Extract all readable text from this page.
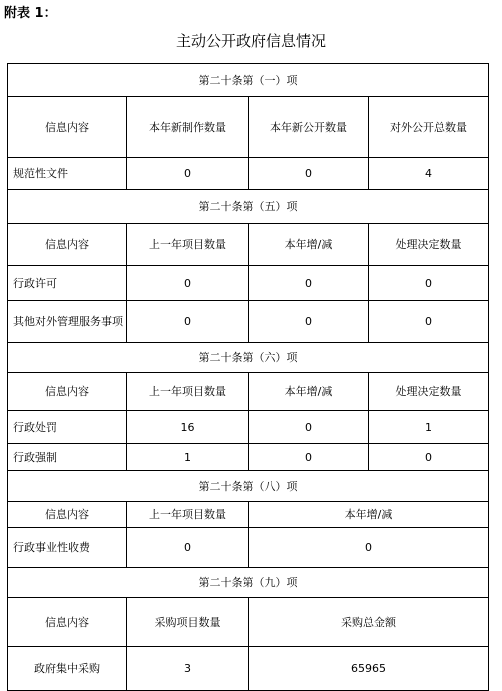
附表 1：
主动公开政府信息情况
第二十条第（一）项			
信息内容	本年新制作数量	本年新公开数量	对外公开总数量
规范性文件	0	0	4
第二十条第（五）项			
信息内容	上一年项目数量	本年增/减	处理决定数量
行政许可	0	0	0
其他对外管理服务事项	0	0	0
第二十条第（六）项			
信息内容	上一年项目数量	本年增/减	处理决定数量
行政处罚	16	0	1
行政强制	1	0	0
第二十条第（八）项			
信息内容	上一年项目数量	本年增/减	
行政事业性收费	0	0	
第二十条第（九）项			
信息内容	采购项目数量	采购总金额	
政府集中采购	3	65965	
